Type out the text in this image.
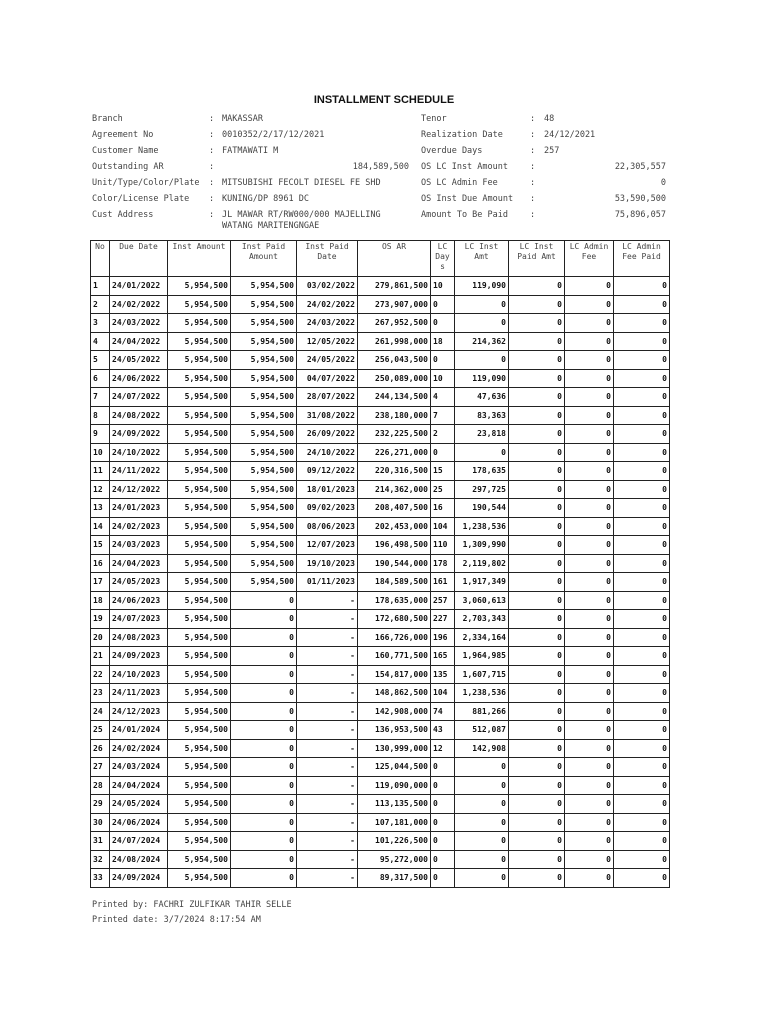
INSTALLMENT SCHEDULE
Branch	: MAKASSAR
Agreement No	: 0010352/2/17/12/2021
Customer Name	: FATMAWATI M
Outstanding AR	:	184,589,500
Unit/Type/Color/Plate : MITSUBISHI FECOLT DIESEL FE SHD
Color/License Plate : KUNING/DP 8961 DC
Cust Address	: JL MAWAR RT/RW000/000 MAJELLING WATANG MARITENGNGAE
Tenor	: 48
Realization Date	: 24/12/2021
Overdue Days	: 257
OS LC Inst Amount	:	22,305,557
OS LC Admin Fee	:	0
OS Inst Due Amount :	53,590,500
Amount To Be Paid	:	75,896,057
No	Due Date	Inst Amount	Inst Paid Amount	Inst Paid Date	OS AR	LC Day s	LC Inst Amt	LC Inst Paid Amt	LC Admin Fee	LC Admin Fee Paid
1	24/01/2022	5,954,500	5,954,500	03/02/2022	279,861,500	10	119,090	0	0	0
2	24/02/2022	5,954,500	5,954,500	24/02/2022	273,907,000	0	0	0	0	0
3	24/03/2022	5,954,500	5,954,500	24/03/2022	267,952,500	0	0	0	0	0
4	24/04/2022	5,954,500	5,954,500	12/05/2022	261,998,000	18	214,362	0	0	0
5	24/05/2022	5,954,500	5,954,500	24/05/2022	256,043,500	0	0	0	0	0
6	24/06/2022	5,954,500	5,954,500	04/07/2022	250,089,000	10	119,090	0	0	0
7	24/07/2022	5,954,500	5,954,500	28/07/2022	244,134,500	4	47,636	0	0	0
8	24/08/2022	5,954,500	5,954,500	31/08/2022	238,180,000	7	83,363	0	0	0
9	24/09/2022	5,954,500	5,954,500	26/09/2022	232,225,500	2	23,818	0	0	0
10	24/10/2022	5,954,500	5,954,500	24/10/2022	226,271,000	0	0	0	0	0
11	24/11/2022	5,954,500	5,954,500	09/12/2022	220,316,500	15	178,635	0	0	0
12	24/12/2022	5,954,500	5,954,500	18/01/2023	214,362,000	25	297,725	0	0	0
13	24/01/2023	5,954,500	5,954,500	09/02/2023	208,407,500	16	190,544	0	0	0
14	24/02/2023	5,954,500	5,954,500	08/06/2023	202,453,000	104	1,238,536	0	0	0
15	24/03/2023	5,954,500	5,954,500	12/07/2023	196,498,500	110	1,309,990	0	0	0
16	24/04/2023	5,954,500	5,954,500	19/10/2023	190,544,000	178	2,119,802	0	0	0
17	24/05/2023	5,954,500	5,954,500	01/11/2023	184,589,500	161	1,917,349	0	0	0
18	24/06/2023	5,954,500	0	-	178,635,000	257	3,060,613	0	0	0
19	24/07/2023	5,954,500	0	-	172,680,500	227	2,703,343	0	0	0
20	24/08/2023	5,954,500	0	-	166,726,000	196	2,334,164	0	0	0
21	24/09/2023	5,954,500	0	-	160,771,500	165	1,964,985	0	0	0
22	24/10/2023	5,954,500	0	-	154,817,000	135	1,607,715	0	0	0
23	24/11/2023	5,954,500	0	-	148,862,500	104	1,238,536	0	0	0
24	24/12/2023	5,954,500	0	-	142,908,000	74	881,266	0	0	0
25	24/01/2024	5,954,500	0	-	136,953,500	43	512,087	0	0	0
26	24/02/2024	5,954,500	0	-	130,999,000	12	142,908	0	0	0
27	24/03/2024	5,954,500	0	-	125,044,500	0	0	0	0	0
28	24/04/2024	5,954,500	0	-	119,090,000	0	0	0	0	0
29	24/05/2024	5,954,500	0	-	113,135,500	0	0	0	0	0
30	24/06/2024	5,954,500	0	-	107,181,000	0	0	0	0	0
31	24/07/2024	5,954,500	0	-	101,226,500	0	0	0	0	0
32	24/08/2024	5,954,500	0	-	95,272,000	0	0	0	0	0
33	24/09/2024	5,954,500	0	-	89,317,500	0	0	0	0	0
Printed by: FACHRI ZULFIKAR TAHIR SELLE
Printed date: 3/7/2024 8:17:54 AM
